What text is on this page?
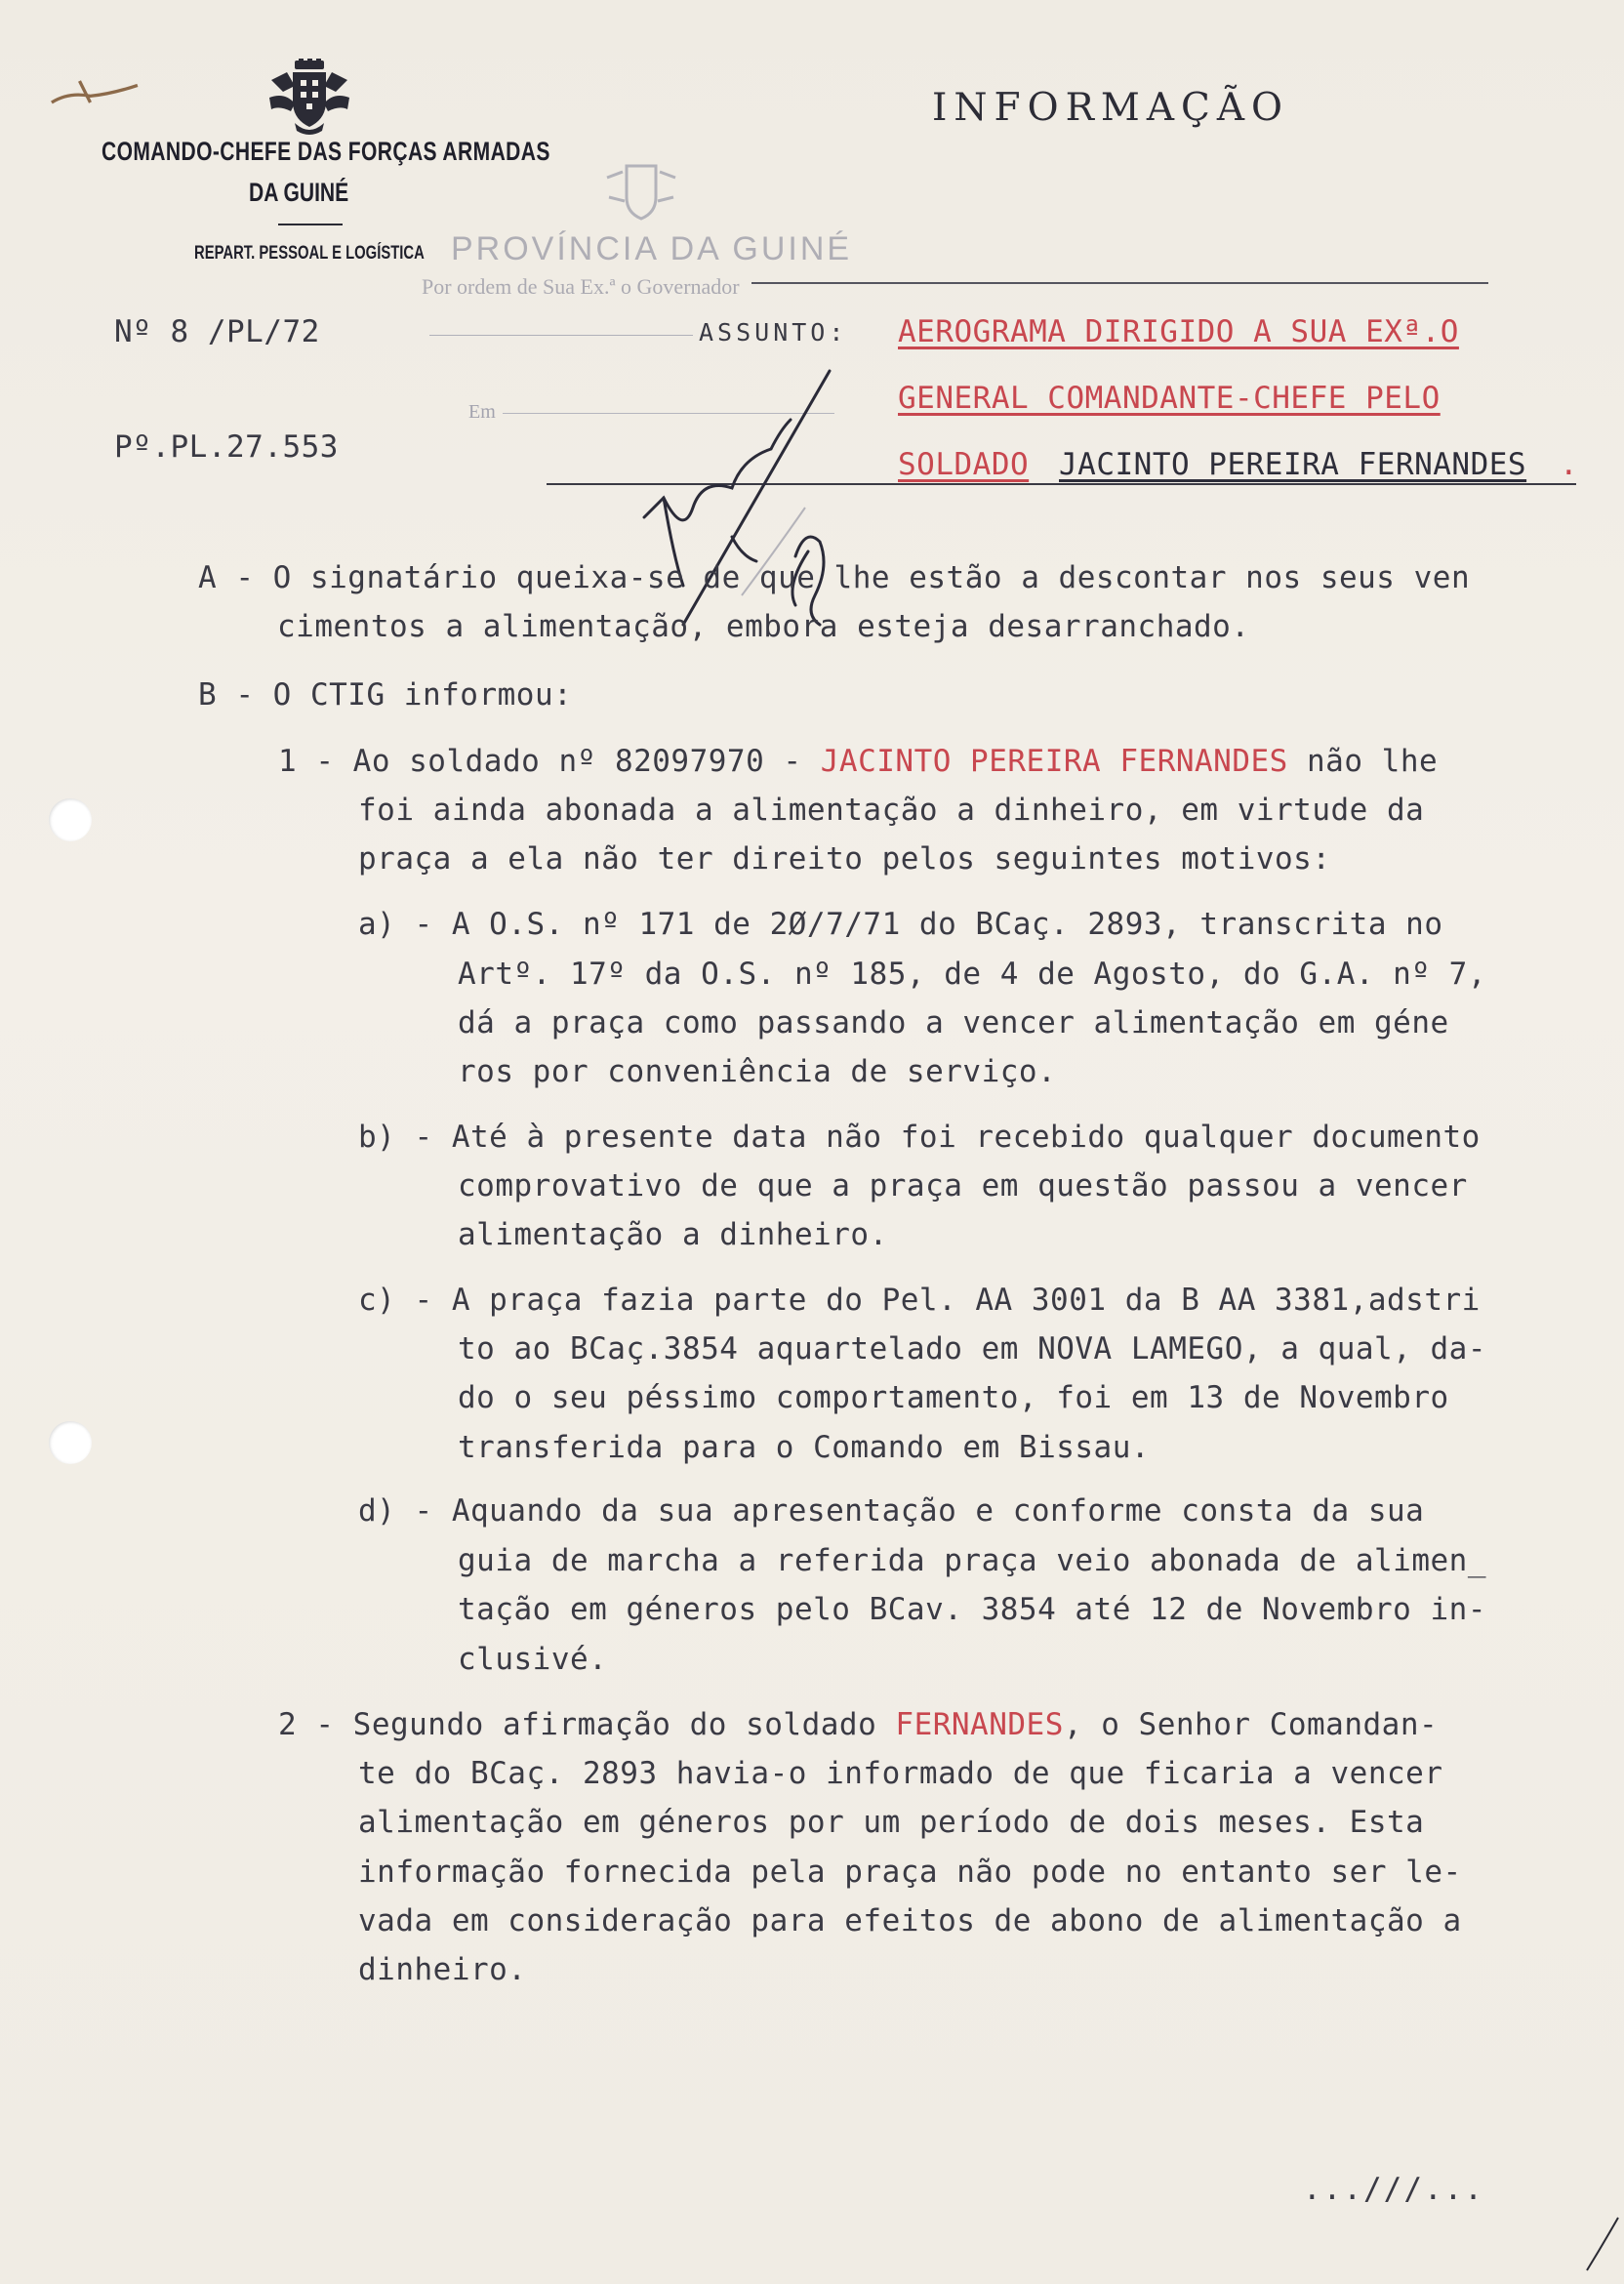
COMANDO-CHEFE DAS FORÇAS ARMADAS
DA GUINÉ
REPART. PESSOAL E LOGÍSTICA
INFORMAÇÃO
PROVÍNCIA DA GUINÉ
Por ordem de Sua Ex.ª o Governador
Em
Nº 8 /PL/72
Pº.PL.27.553
ASSUNTO: AEROGRAMA DIRIGIDO A SUA EXª.O
GENERAL COMANDANTE-CHEFE PELO
SOLDADO JACINTO PEREIRA FERNANDES .
A - O signatário queixa-se de que lhe estão a descontar nos seus ven
cimentos a alimentação, embora esteja desarranchado.
B - O CTIG informou:
1 - Ao soldado nº 82097970 - JACINTO PEREIRA FERNANDES não lhe
foi ainda abonada a alimentação a dinheiro, em virtude da
praça a ela não ter direito pelos seguintes motivos:
a) - A O.S. nº 171 de 2Ø/7/71 do BCaç. 2893, transcrita no
Artº. 17º da O.S. nº 185, de 4 de Agosto, do G.A. nº 7,
dá a praça como passando a vencer alimentação em géne
ros por conveniência de serviço.
b) - Até à presente data não foi recebido qualquer documento
comprovativo de que a praça em questão passou a vencer
alimentação a dinheiro.
c) - A praça fazia parte do Pel. AA 3001 da B AA 3381,adstri
to ao BCaç.3854 aquartelado em NOVA LAMEGO, a qual, da-
do o seu péssimo comportamento, foi em 13 de Novembro
transferida para o Comando em Bissau.
d) - Aquando da sua apresentação e conforme consta da sua
guia de marcha a referida praça veio abonada de alimen_
tação em géneros pelo BCav. 3854 até 12 de Novembro in-
clusivé.
2 - Segundo afirmação do soldado FERNANDES, o Senhor Comandan-
te do BCaç. 2893 havia-o informado de que ficaria a vencer
alimentação em géneros por um período de dois meses. Esta
informação fornecida pela praça não pode no entanto ser le-
vada em consideração para efeitos de abono de alimentação a
dinheiro.
...///...
